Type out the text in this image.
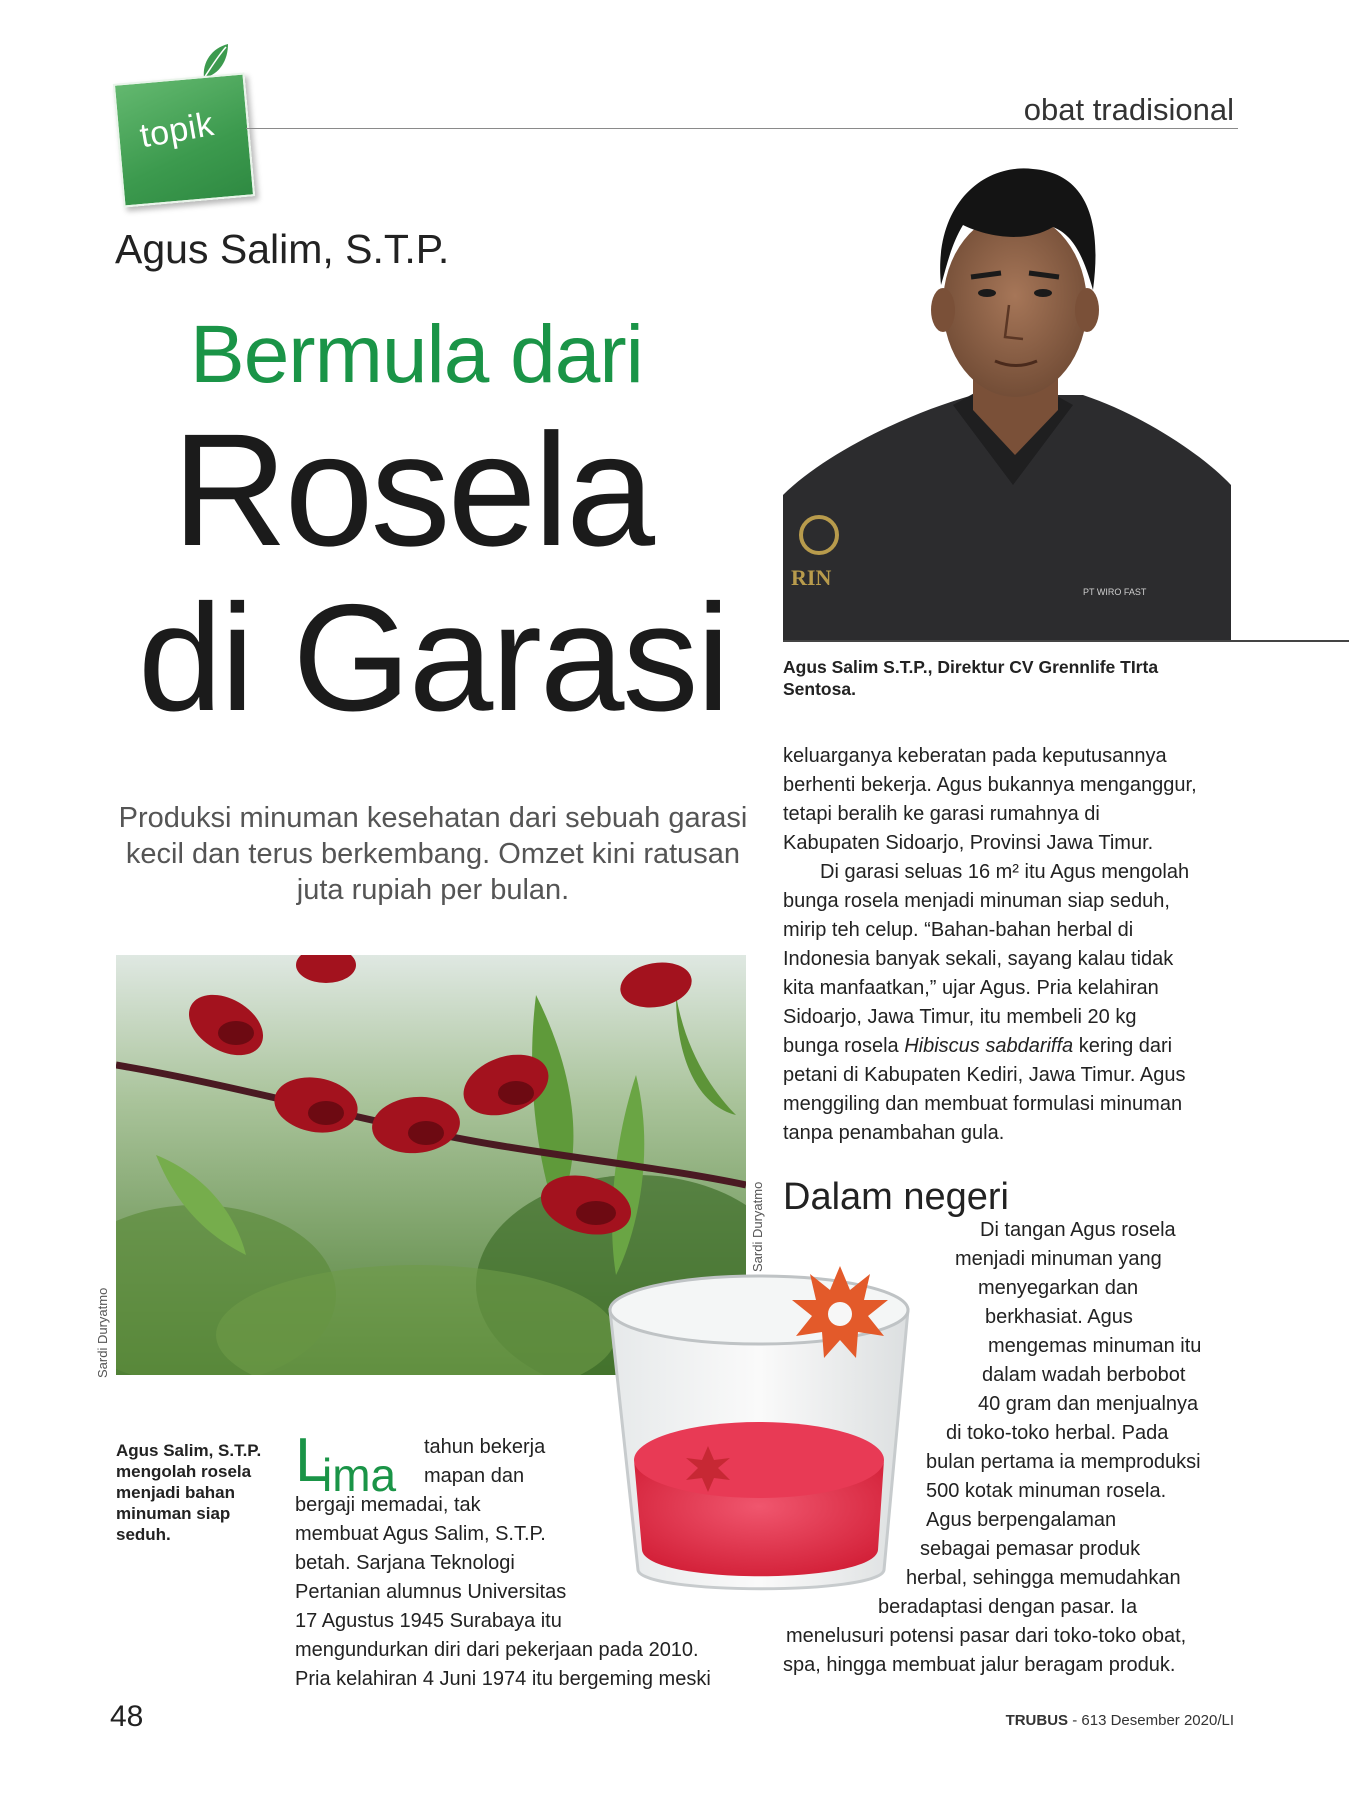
topik	obat tradisional
Agus Salim, S.T.P.
Bermula dari
Rosela
di Garasi
Produksi minuman kesehatan dari sebuah garasi kecil dan terus berkembang. Omzet kini ratusan juta rupiah per bulan.
RIN
PT WIRO FAST
Agus Salim S.T.P., Direktur CV Grennlife TIrta Sentosa.
Sardi Duryatmo
Sardi Duryatmo
Agus Salim, S.T.P. mengolah rosela menjadi bahan minuman siap seduh.
L
ima
tahun bekerja
mapan dan
bergaji memadai, tak
membuat Agus Salim, S.T.P.
betah. Sarjana Teknologi
Pertanian alumnus Universitas
17 Agustus 1945 Surabaya itu
mengundurkan diri dari pekerjaan pada 2010.
Pria kelahiran 4 Juni 1974 itu bergeming meski
keluarganya keberatan pada keputusannya
berhenti bekerja. Agus bukannya menganggur,
tetapi beralih ke garasi rumahnya di
Kabupaten Sidoarjo, Provinsi Jawa Timur.
Di garasi seluas 16 m² itu Agus mengolah
bunga rosela menjadi minuman siap seduh,
mirip teh celup. “Bahan-bahan herbal di
Indonesia banyak sekali, sayang kalau tidak
kita manfaatkan,” ujar Agus. Pria kelahiran
Sidoarjo, Jawa Timur, itu membeli 20 kg
bunga rosela Hibiscus sabdariffa kering dari
petani di Kabupaten Kediri, Jawa Timur. Agus
menggiling dan membuat formulasi minuman
tanpa penambahan gula.
Dalam negeri
Di tangan Agus rosela
menjadi minuman yang
menyegarkan dan
berkhasiat. Agus
mengemas minuman itu
dalam wadah berbobot
40 gram dan menjualnya
di toko-toko herbal. Pada
bulan pertama ia memproduksi
500 kotak minuman rosela.
Agus berpengalaman
sebagai pemasar produk
herbal, sehingga memudahkan
beradaptasi dengan pasar. Ia
menelusuri potensi pasar dari toko-toko obat,
spa, hingga membuat jalur beragam produk.
48	TRUBUS - 613 Desember 2020/LI
